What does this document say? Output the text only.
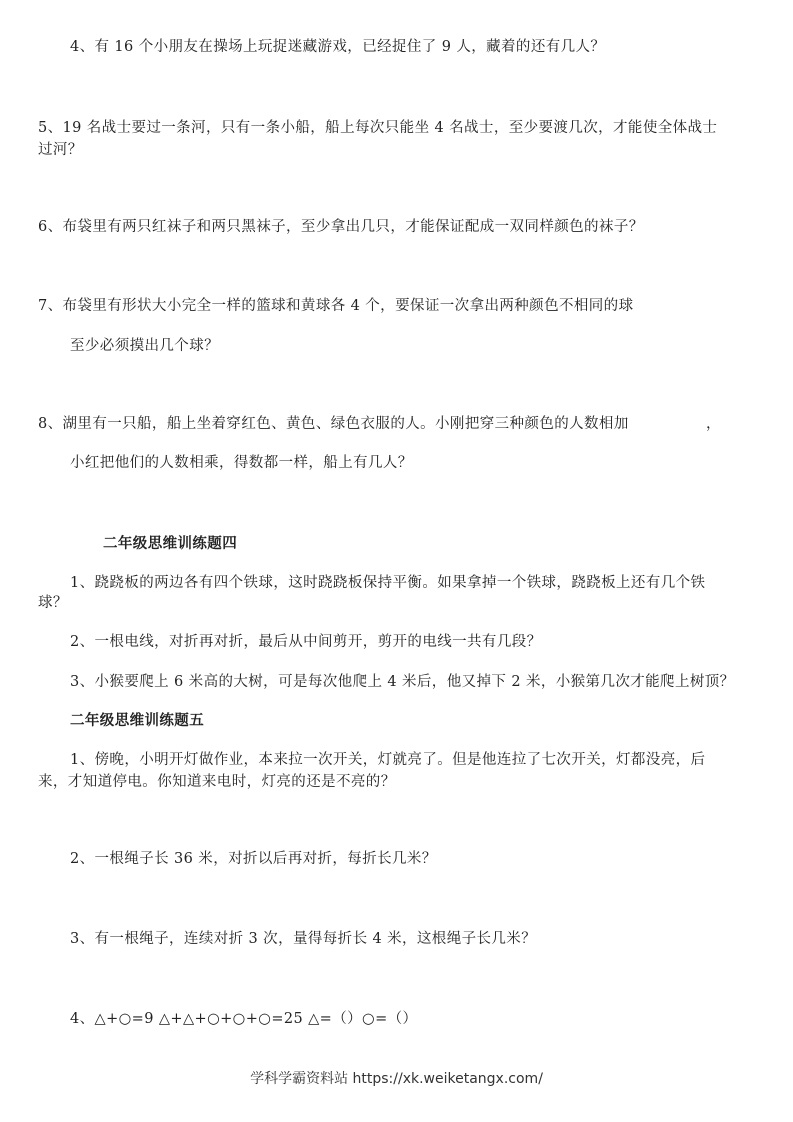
4、有 16 个小朋友在操场上玩捉迷藏游戏，已经捉住了 9 人，藏着的还有几人？
5、19 名战士要过一条河，只有一条小船，船上每次只能坐 4 名战士，至少要渡几次，才能使全体战士
过河？
6、布袋里有两只红袜子和两只黑袜子，至少拿出几只，才能保证配成一双同样颜色的袜子？
7、布袋里有形状大小完全一样的篮球和黄球各 4 个，要保证一次拿出两种颜色不相同的球
至少必须摸出几个球？
8、湖里有一只船，船上坐着穿红色、黄色、绿色衣服的人。小刚把穿三种颜色的人数相加	，
小红把他们的人数相乘，得数都一样，船上有几人？
二年级思维训练题四
1、跷跷板的两边各有四个铁球，这时跷跷板保持平衡。如果拿掉一个铁球，跷跷板上还有几个铁
球？
2、一根电线，对折再对折，最后从中间剪开，剪开的电线一共有几段？
3、小猴要爬上 6 米高的大树，可是每次他爬上 4 米后，他又掉下 2 米，小猴第几次才能爬上树顶？
二年级思维训练题五
1、傍晚，小明开灯做作业，本来拉一次开关，灯就亮了。但是他连拉了七次开关，灯都没亮，后
来，才知道停电。你知道来电时，灯亮的还是不亮的？
2、一根绳子长 36 米，对折以后再对折，每折长几米？
3、有一根绳子，连续对折 3 次，量得每折长 4 米，这根绳子长几米？
4、△+○=9 △+△+○+○+○=25 △=（）○=（）
学科学霸资料站 https://xk.weiketangx.com/
